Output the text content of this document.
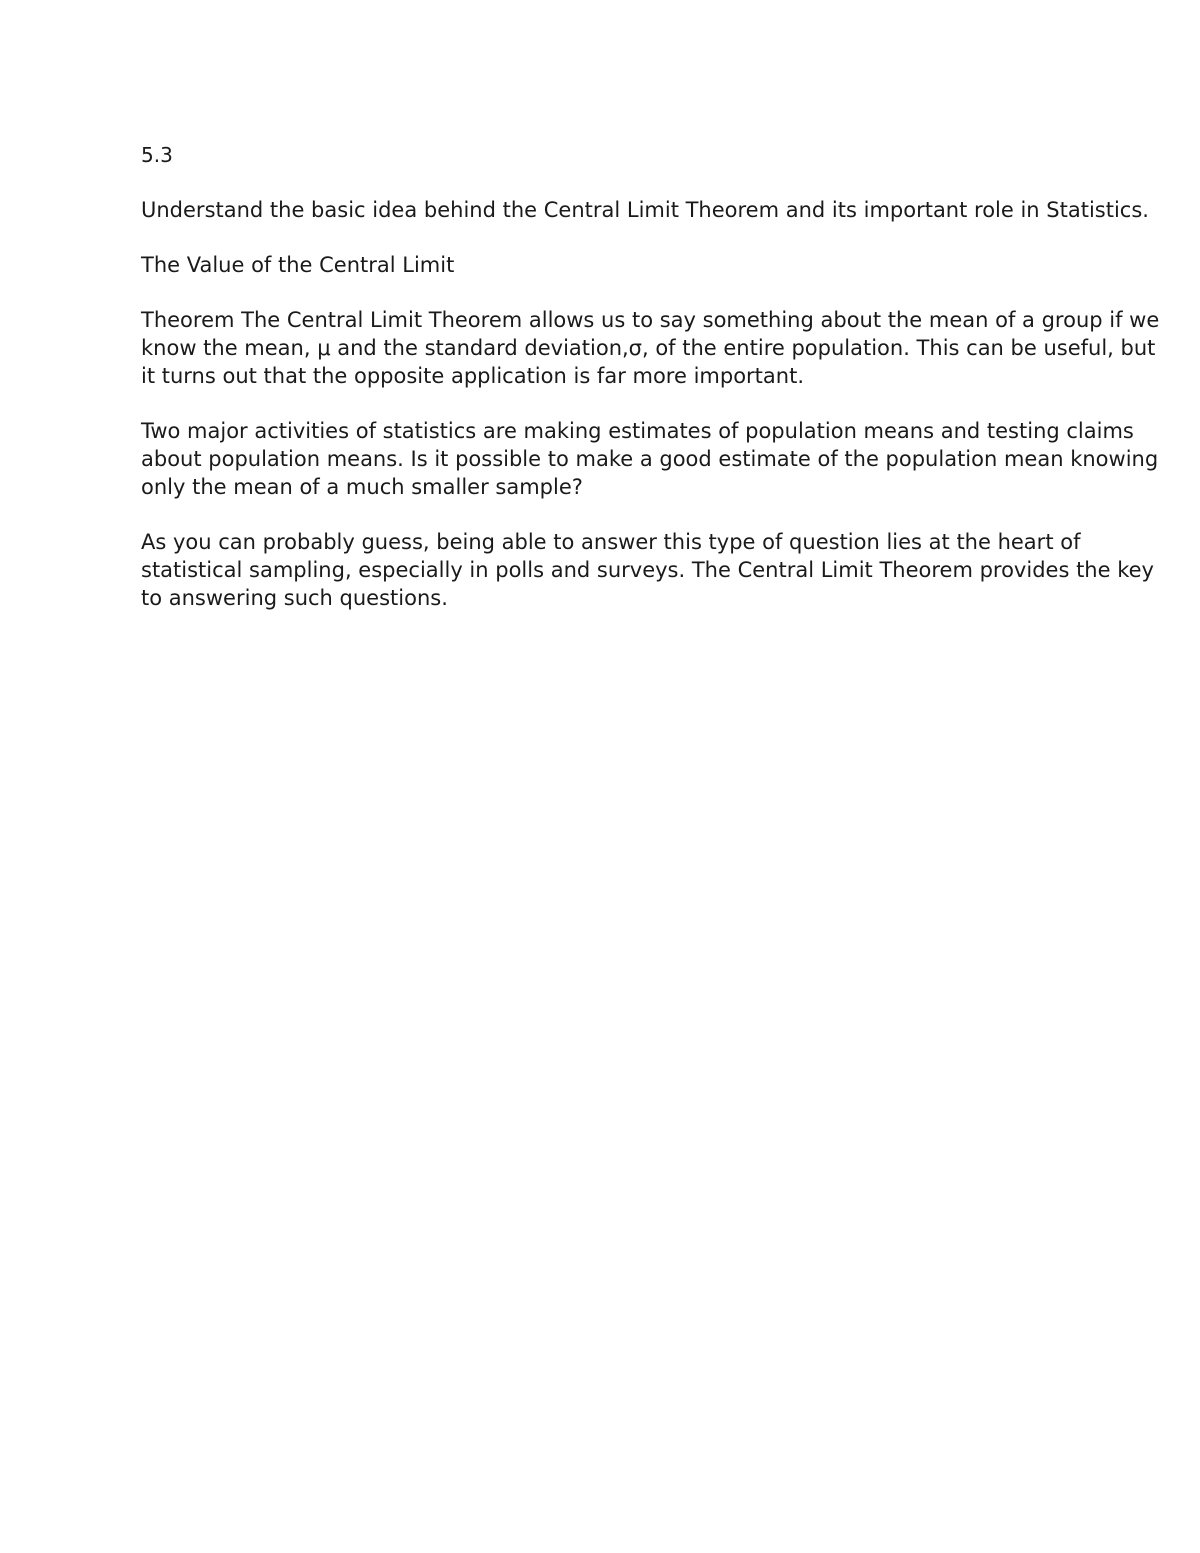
5.3

Understand the basic idea behind the Central Limit Theorem and its important role in Statistics.

The Value of the Central Limit

Theorem The Central Limit Theorem allows us to say something about the mean of a group if we know the mean, μ and the standard deviation,σ, of the entire population. This can be useful, but it turns out that the opposite application is far more important.

Two major activities of statistics are making estimates of population means and testing claims about population means. Is it possible to make a good estimate of the population mean knowing only the mean of a much smaller sample?

As you can probably guess, being able to answer this type of question lies at the heart of statistical sampling, especially in polls and surveys. The Central Limit Theorem provides the key to answering such questions.
